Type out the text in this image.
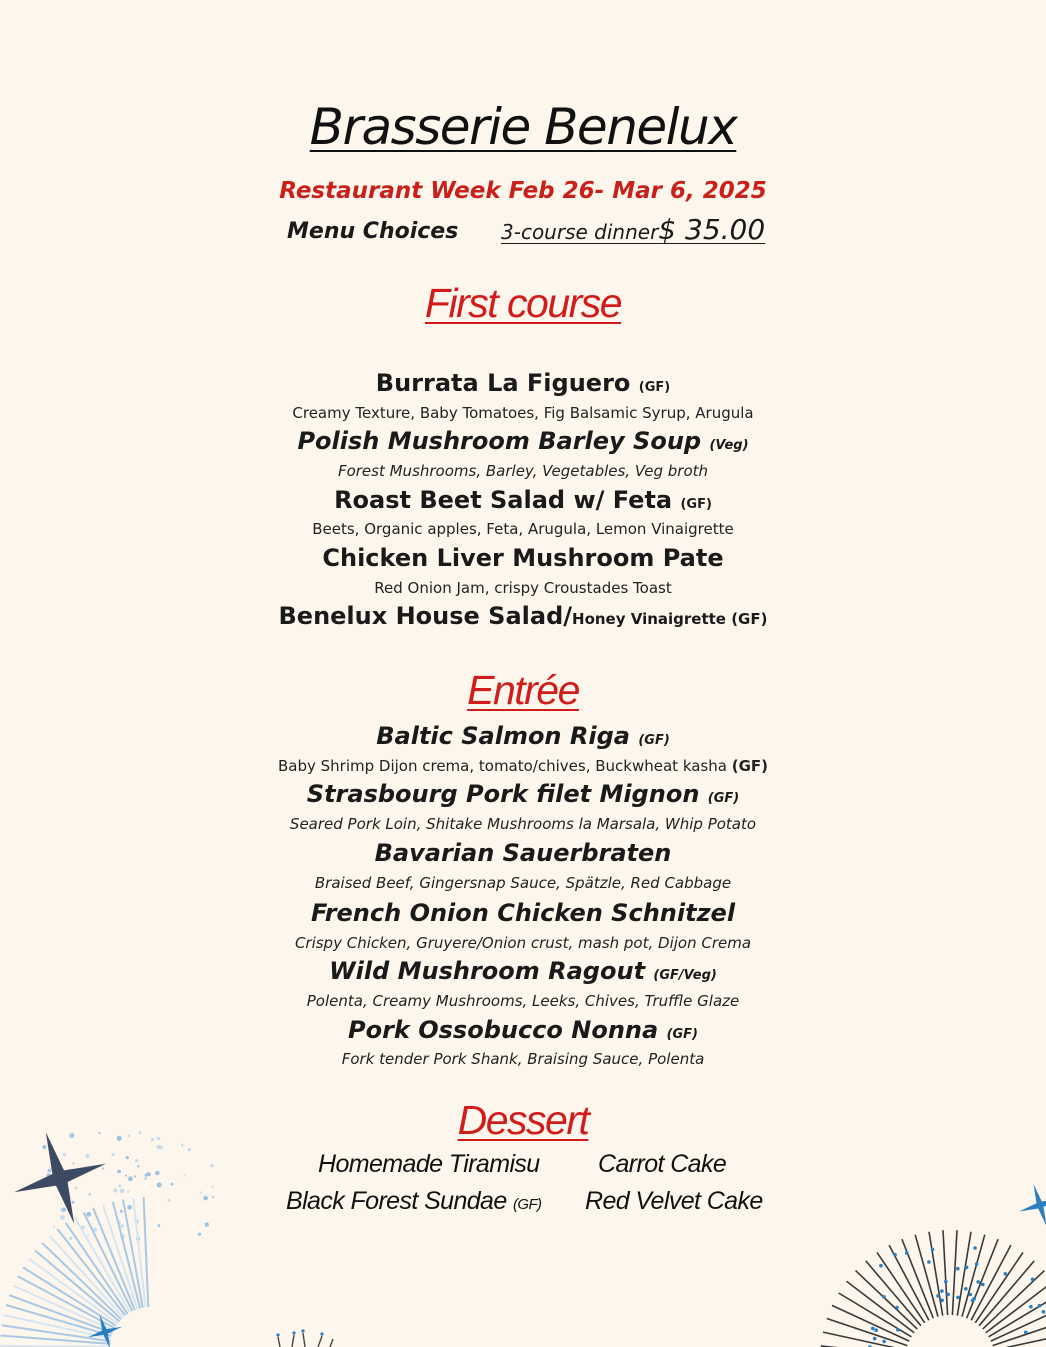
Brasserie Benelux
Restaurant Week Feb 26- Mar 6, 2025
Menu Choices 3-course dinner$ 35.00
First course
Burrata La Figuero (GF)
Creamy Texture, Baby Tomatoes, Fig Balsamic Syrup, Arugula
Polish Mushroom Barley Soup (Veg)
Forest Mushrooms, Barley, Vegetables, Veg broth
Roast Beet Salad w/ Feta (GF)
Beets, Organic apples, Feta, Arugula, Lemon Vinaigrette
Chicken Liver Mushroom Pate
Red Onion Jam, crispy Croustades Toast
Benelux House Salad/Honey Vinaigrette (GF)
Entrée
Baltic Salmon Riga (GF)
Baby Shrimp Dijon crema, tomato/chives, Buckwheat kasha (GF)
Strasbourg Pork filet Mignon (GF)
Seared Pork Loin, Shitake Mushrooms la Marsala, Whip Potato
Bavarian Sauerbraten
Braised Beef, Gingersnap Sauce, Spätzle, Red Cabbage
French Onion Chicken Schnitzel
Crispy Chicken, Gruyere/Onion crust, mash pot, Dijon Crema
Wild Mushroom Ragout (GF/Veg)
Polenta, Creamy Mushrooms, Leeks, Chives, Truffle Glaze
Pork Ossobucco Nonna (GF)
Fork tender Pork Shank, Braising Sauce, Polenta
Dessert
Homemade Tiramisu Carrot Cake
Black Forest Sundae (GF) Red Velvet Cake
